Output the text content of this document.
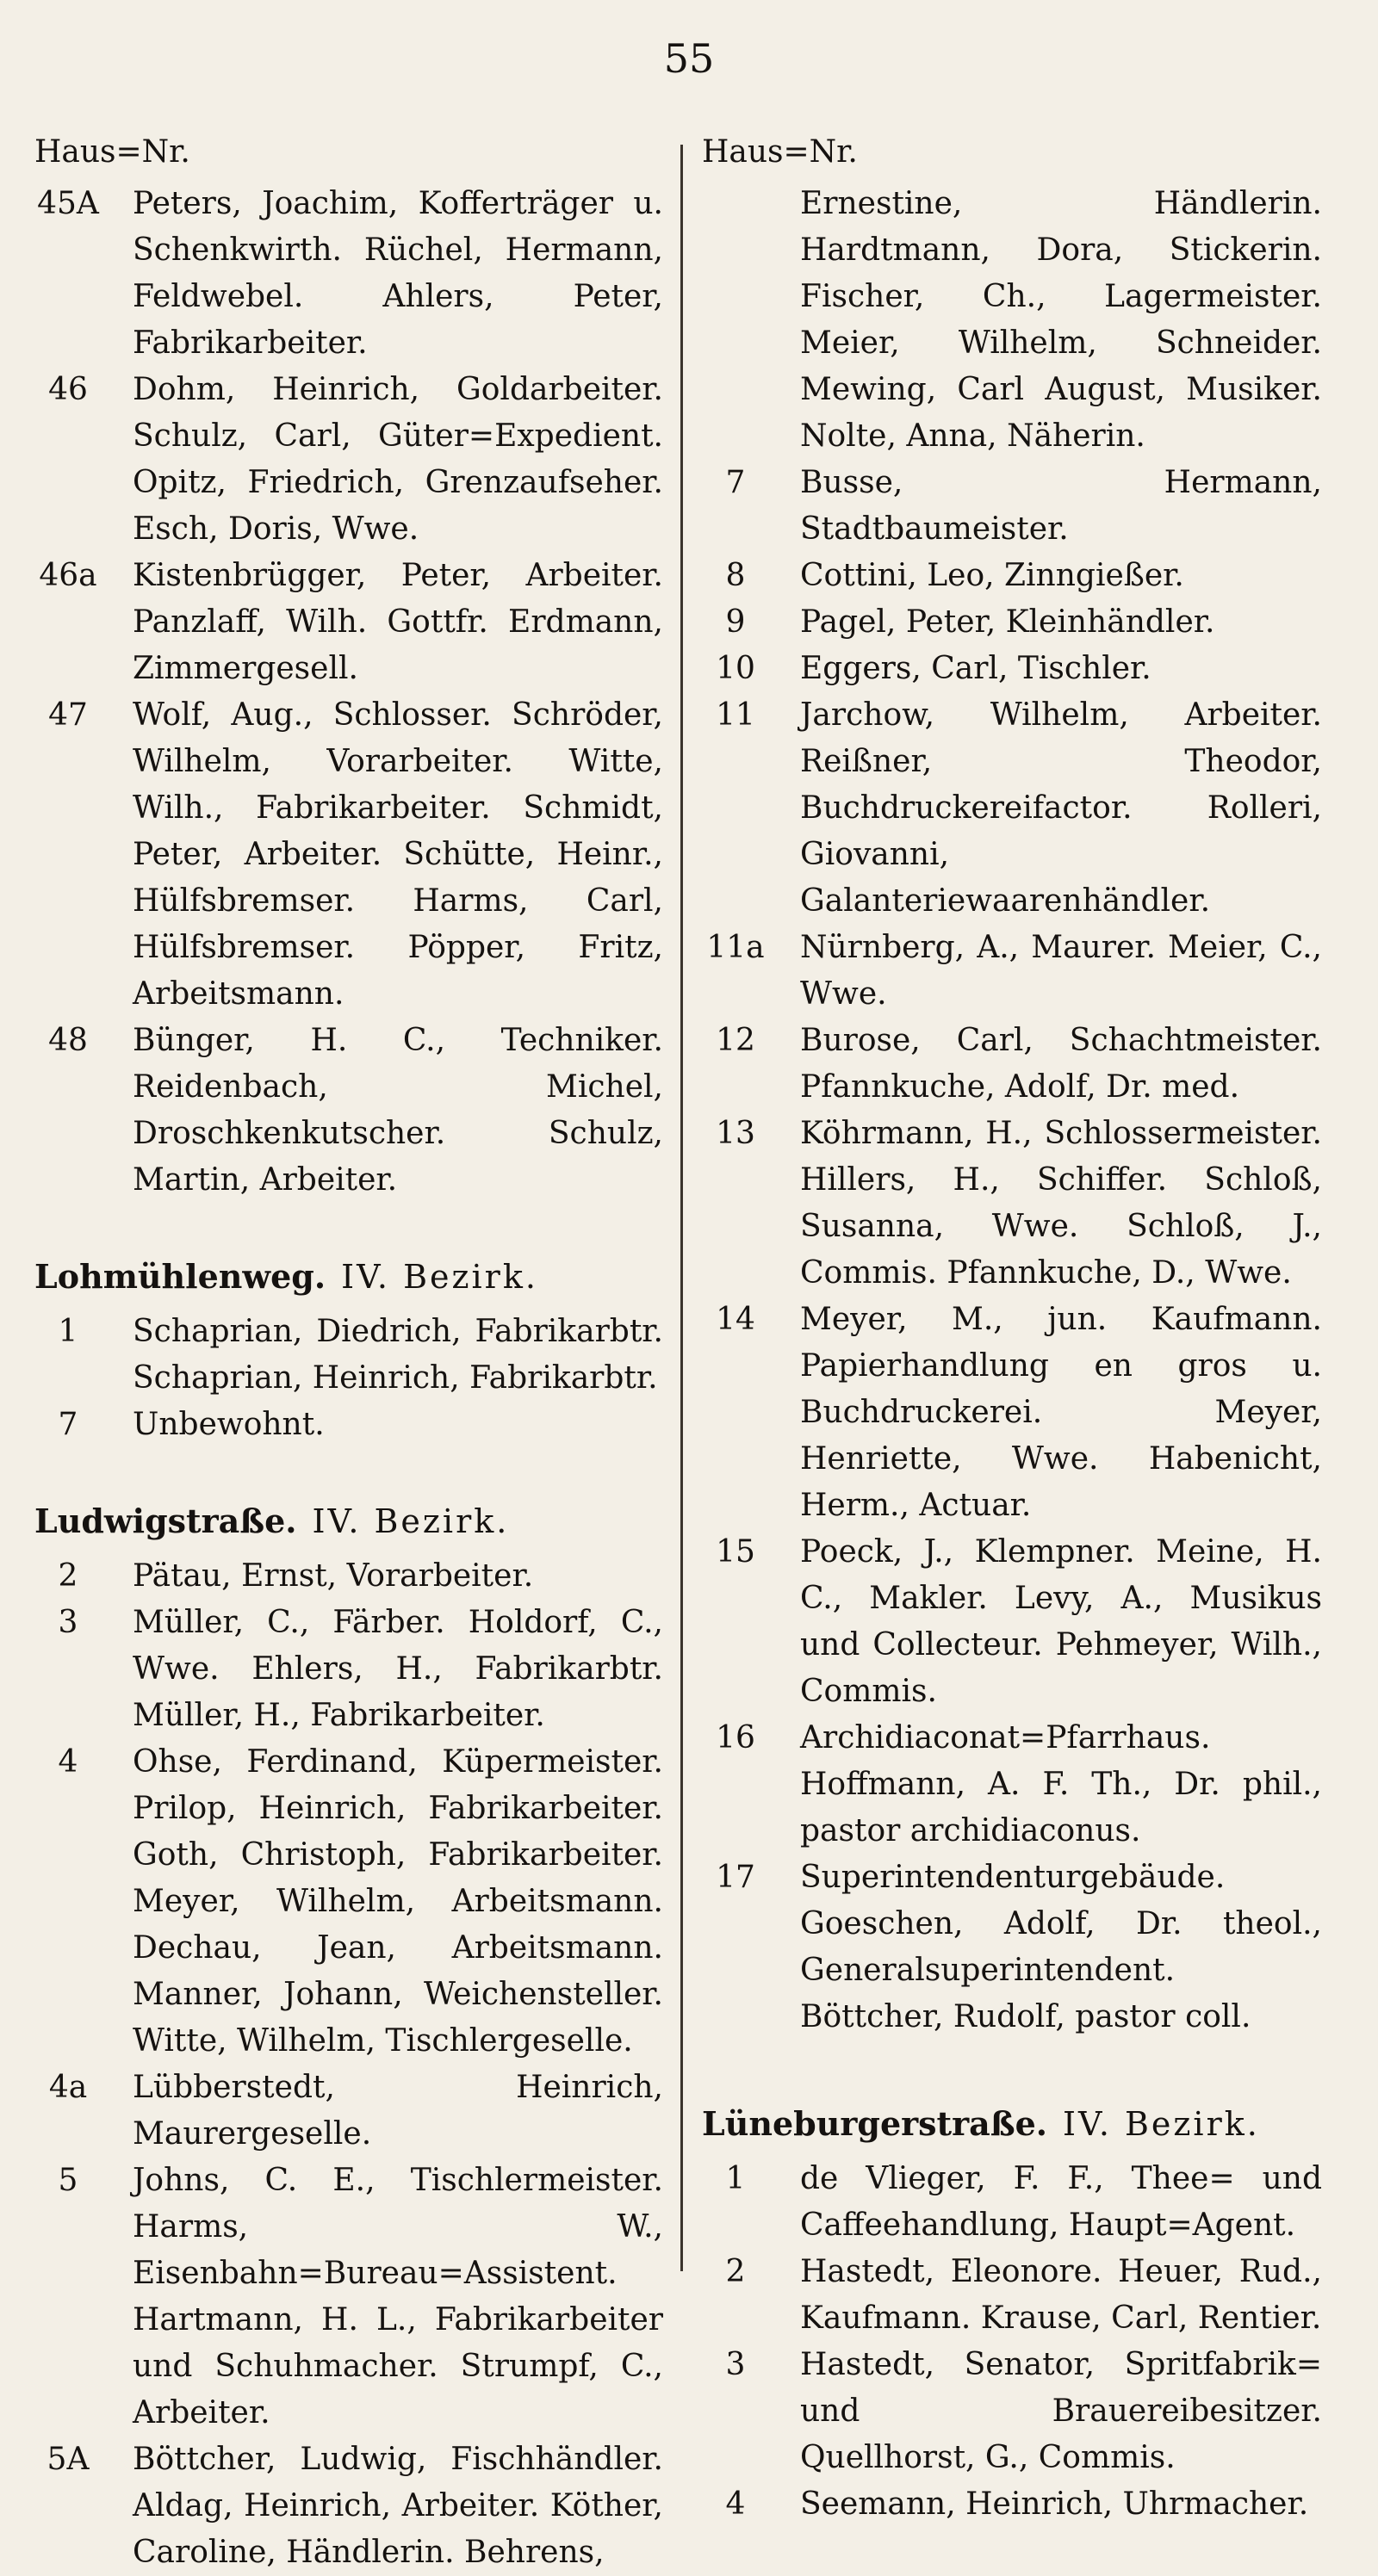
55
Haus=Nr.
45A Peters, Joachim, Kofferträger u. Schenkwirth. Rüchel, Hermann, Feldwebel. Ahlers, Peter, Fabrikarbeiter.
46	Dohm, Heinrich, Goldarbeiter. Schulz, Carl, Güter=Expedient. Opitz, Friedrich, Grenzaufseher. Esch, Doris, Wwe.
46a Kistenbrügger, Peter, Arbeiter. Panzlaff, Wilh. Gottfr. Erdmann, Zimmergesell.
47	Wolf, Aug., Schlosser. Schröder, Wilhelm, Vorarbeiter. Witte, Wilh., Fabrikarbeiter. Schmidt, Peter, Arbeiter. Schütte, Heinr., Hülfsbremser. Harms, Carl, Hülfsbremser. Pöpper, Fritz, Arbeitsmann.
48	Bünger, H. C., Techniker. Reidenbach, Michel, Droschkenkutscher. Schulz, Martin, Arbeiter.
Lohmühlenweg. IV. Bezirk.
1	Schaprian, Diedrich, Fabrikarbtr. Schaprian, Heinrich, Fabrikarbtr.
7	Unbewohnt.
Ludwigstraße. IV. Bezirk.
2	Pätau, Ernst, Vorarbeiter.
3	Müller, C., Färber. Holdorf, C., Wwe. Ehlers, H., Fabrikarbtr. Müller, H., Fabrikarbeiter.
4	Ohse, Ferdinand, Küpermeister. Prilop, Heinrich, Fabrikarbeiter. Goth, Christoph, Fabrikarbeiter. Meyer, Wilhelm, Arbeitsmann. Dechau, Jean, Arbeitsmann. Manner, Johann, Weichensteller. Witte, Wilhelm, Tischlergeselle.
4a	Lübberstedt, Heinrich, Maurergeselle.
5	Johns, C. E., Tischlermeister. Harms, W., Eisenbahn=Bureau=Assistent. Hartmann, H. L., Fabrikarbeiter und Schuhmacher. Strumpf, C., Arbeiter.
5A	Böttcher, Ludwig, Fischhändler. Aldag, Heinrich, Arbeiter. Köther, Caroline, Händlerin. Behrens,
Haus=Nr.
Ernestine, Händlerin. Hardtmann, Dora, Stickerin. Fischer, Ch., Lagermeister. Meier, Wilhelm, Schneider. Mewing, Carl August, Musiker. Nolte, Anna, Näherin.
7	Busse, Hermann, Stadtbaumeister.
8	Cottini, Leo, Zinngießer.
9	Pagel, Peter, Kleinhändler.
10	Eggers, Carl, Tischler.
11	Jarchow, Wilhelm, Arbeiter. Reißner, Theodor, Buchdruckereifactor. Rolleri, Giovanni, Galanteriewaarenhändler.
11a Nürnberg, A., Maurer. Meier, C., Wwe.
12	Burose, Carl, Schachtmeister. Pfannkuche, Adolf, Dr. med.
13	Köhrmann, H., Schlossermeister. Hillers, H., Schiffer. Schloß, Susanna, Wwe. Schloß, J., Commis. Pfannkuche, D., Wwe.
14	Meyer, M., jun. Kaufmann. Papierhandlung en gros u. Buchdruckerei. Meyer, Henriette, Wwe. Habenicht, Herm., Actuar.
15	Poeck, J., Klempner. Meine, H. C., Makler. Levy, A., Musikus und Collecteur. Pehmeyer, Wilh., Commis.
16	Archidiaconat=Pfarrhaus. Hoffmann, A. F. Th., Dr. phil., pastor archidiaconus.
17	Superintendenturgebäude. Goeschen, Adolf, Dr. theol., Generalsuperintendent. Böttcher, Rudolf, pastor coll.
Lüneburgerstraße. IV. Bezirk.
1	de Vlieger, F. F., Thee= und Caffeehandlung, Haupt=Agent.
2	Hastedt, Eleonore. Heuer, Rud., Kaufmann. Krause, Carl, Rentier.
3	Hastedt, Senator, Spritfabrik= und Brauereibesitzer. Quellhorst, G., Commis.
4	Seemann, Heinrich, Uhrmacher.
